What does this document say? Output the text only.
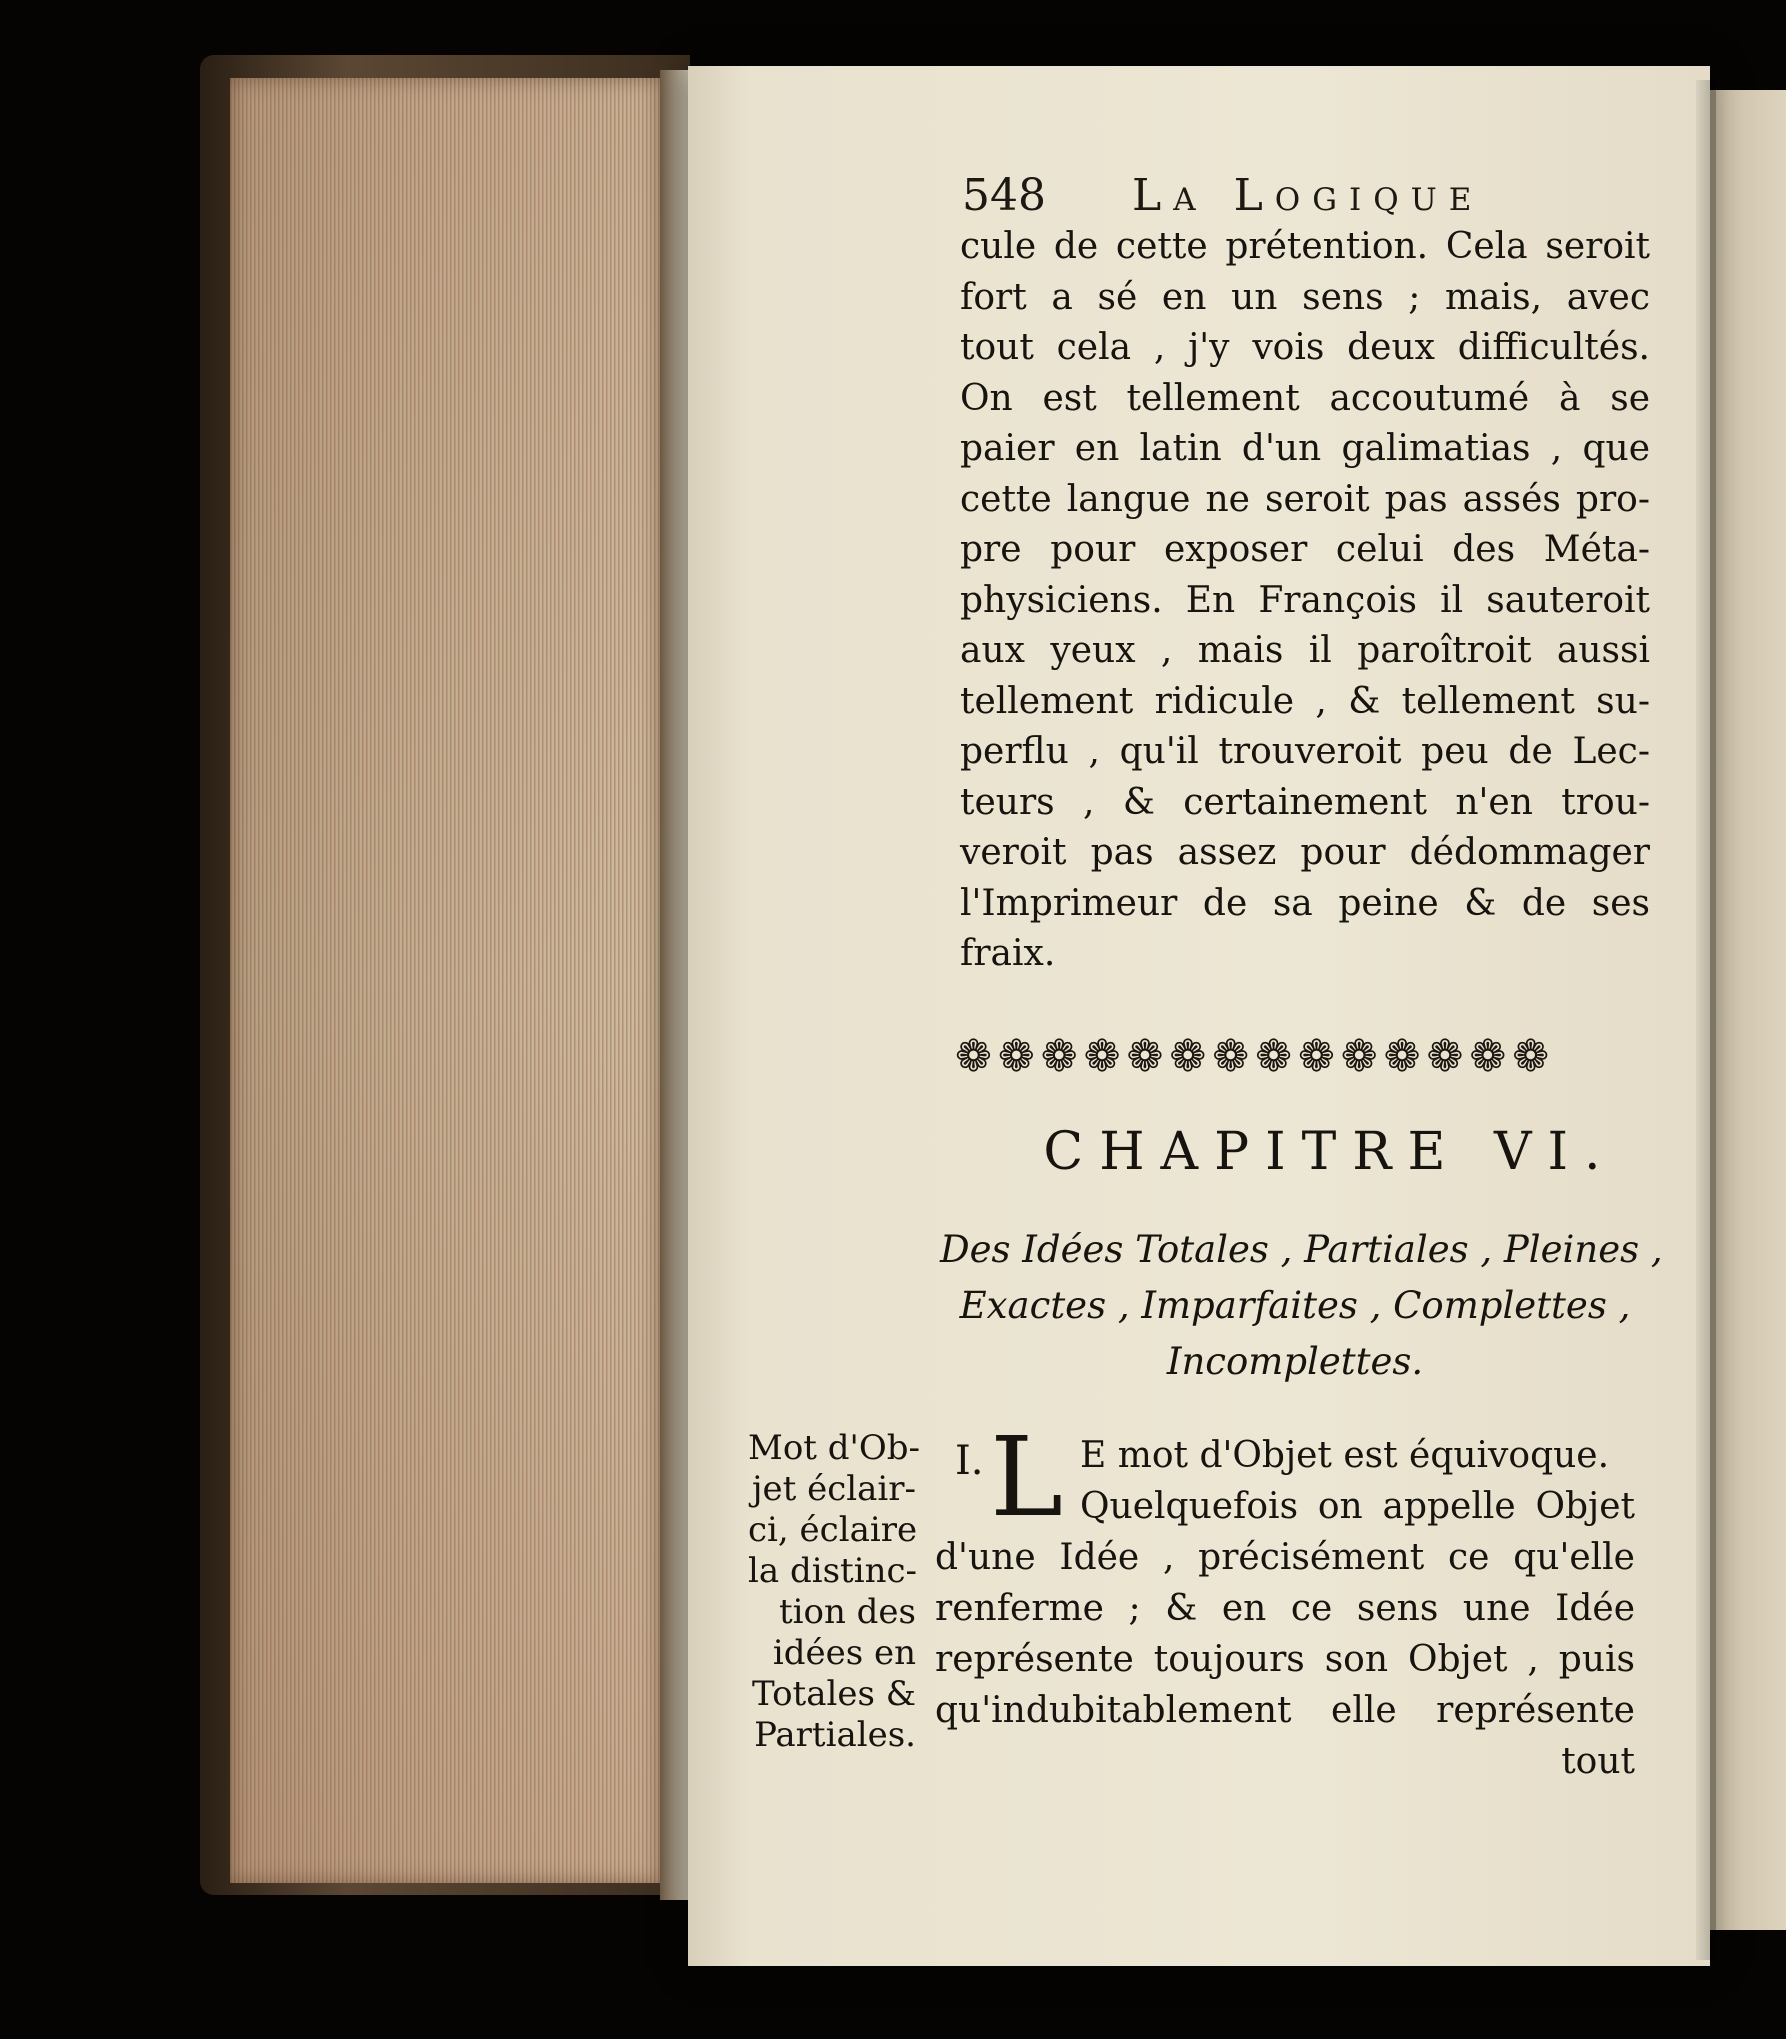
548 La Logique
cule de cette prétention. Cela seroit
fort a sé en un sens ; mais, avec
tout cela , j'y vois deux difficultés.
On est tellement accoutumé à se
paier en latin d'un galimatias , que
cette langue ne seroit pas assés pro-
pre pour exposer celui des Méta-
physiciens. En François il sauteroit
aux yeux , mais il paroîtroit aussi
tellement ridicule , & tellement su-
perflu , qu'il trouveroit peu de Lec-
teurs , & certainement n'en trou-
veroit pas assez pour dédommager
l'Imprimeur de sa peine & de ses
fraix.
❁❁❁❁❁❁❁❁❁❁❁❁❁❁
CHAPITRE VI.
Des Idées Totales , Partiales , Pleines ,
Exactes , Imparfaites , Complettes ,
Incomplettes.
Mot d'Ob-
jet éclair-
ci, éclaire
la distinc-
tion des
idées en
Totales &
Partiales.
I. L E mot d'Objet est équivoque.
Quelquefois on appelle Objet
d'une Idée , précisément ce qu'elle
renferme ; & en ce sens une Idée
représente toujours son Objet , puis
qu'indubitablement elle représente
tout
